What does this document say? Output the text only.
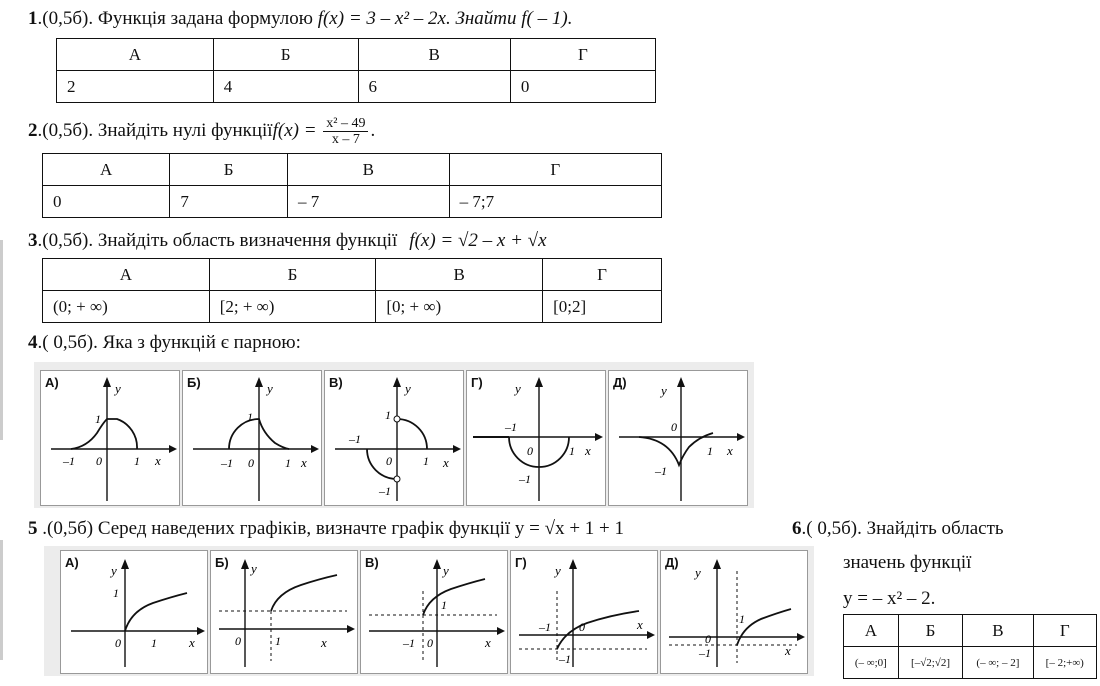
1.(0,5б). Функція задана формулою f(x) = 3 – x² – 2x. Знайти f( – 1).
А	Б	В	Г
2	4	6	0
2.(0,5б). Знайдіть нулі функціїf(x) = $\frac{\text{x² – 49}}{x - 7}$ .
А	Б	В	Г
0	7	– 7	– 7;7
3.(0,5б). Знайдіть область визначення функції f(x) = √2 – x + √x
А	Б	В	Г
(0; + ∞)	[2; + ∞)	[0; + ∞)	[0;2]
4.( 0,5б). Яка з функцій є парною:
А)	y
x
1
–1 0	1
Б)	y
x
1
–1 0	1
В)	y
x
1
–1
0	1
–1
Г) y
x
–1
0	1
–1
Д)
y
x
0
1
–1
5 .(0,5б) Серед наведених графіків, визначте графік функції y = √x + 1 + 1
А)
y
x
1
0	1
Б) y
x
0	1
В)
y
x
1
–1 0
Г)
y
x
–1 0
–1
Д)
y
x
1
0
–1
6.( 0,5б). Знайдіть область
значень функції
y = – x² – 2.
А	Б	В	Г
(– ∞;0]	[–√2;√2]	(– ∞; – 2]	[– 2;+∞)
